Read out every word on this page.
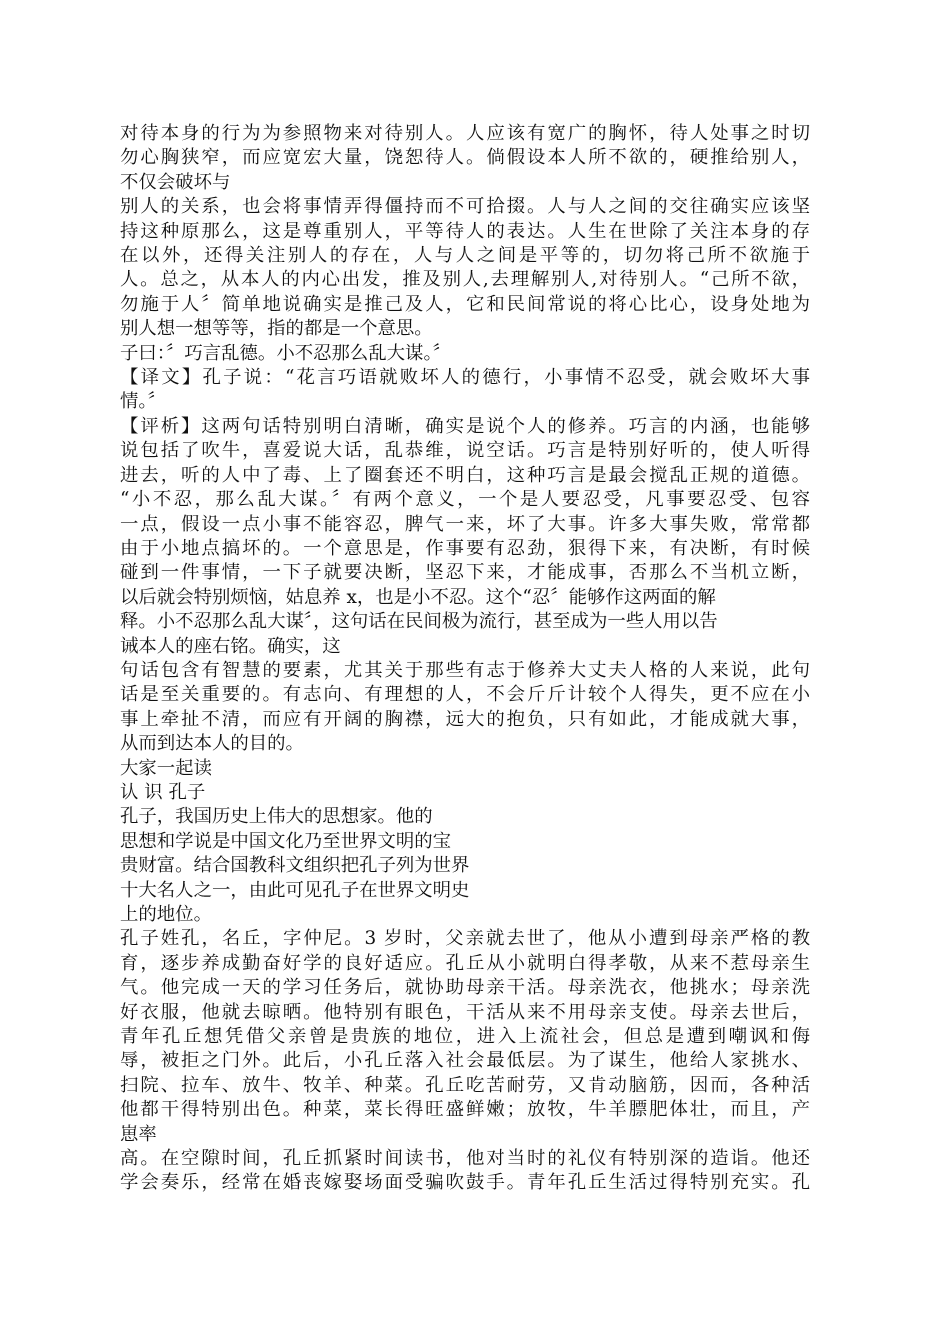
对待本身的行为为参照物来对待别人。人应该有宽广的胸怀，待人处事之时切
勿心胸狭窄，而应宽宏大量，饶恕待人。倘假设本人所不欲的，硬推给别人，
不仅会破坏与
别人的关系，也会将事情弄得僵持而不可拾掇。人与人之间的交往确实应该坚
持这种原那么，这是尊重别人，平等待人的表达。人生在世除了关注本身的存
在以外，还得关注别人的存在，人与人之间是平等的，切勿将己所不欲施于
人。总之，从本人的内心出发，推及别人,去理解别人,对待别人。“己所不欲，
勿施于人〞简单地说确实是推己及人，它和民间常说的将心比心，设身处地为
别人想一想等等，指的都是一个意思。
子曰：〞巧言乱德。小不忍那么乱大谋。〞
【译文】孔子说：“花言巧语就败坏人的德行，小事情不忍受，就会败坏大事
情。〞
【评析】这两句话特别明白清晰，确实是说个人的修养。巧言的内涵，也能够
说包括了吹牛，喜爱说大话，乱恭维，说空话。巧言是特别好听的，使人听得
进去，听的人中了毒、上了圈套还不明白，这种巧言是最会搅乱正规的道德。
“小不忍，那么乱大谋。〞有两个意义，一个是人要忍受，凡事要忍受、包容
一点，假设一点小事不能容忍，脾气一来，坏了大事。许多大事失败，常常都
由于小地点搞坏的。一个意思是，作事要有忍劲，狠得下来，有决断，有时候
碰到一件事情，一下子就要决断，坚忍下来，才能成事，否那么不当机立断，
以后就会特别烦恼，姑息养 x，也是小不忍。这个“忍〞能够作这两面的解
释。小不忍那么乱大谋〞，这句话在民间极为流行，甚至成为一些人用以告
诫本人的座右铭。确实，这
句话包含有智慧的要素，尤其关于那些有志于修养大丈夫人格的人来说，此句
话是至关重要的。有志向、有理想的人，不会斤斤计较个人得失，更不应在小
事上牵扯不清，而应有开阔的胸襟，远大的抱负，只有如此，才能成就大事，
从而到达本人的目的。
大家一起读
认 识 孔子
孔子，我国历史上伟大的思想家。他的
思想和学说是中国文化乃至世界文明的宝
贵财富。结合国教科文组织把孔子列为世界
十大名人之一，由此可见孔子在世界文明史
上的地位。
孔子姓孔，名丘，字仲尼。3 岁时，父亲就去世了，他从小遭到母亲严格的教
育，逐步养成勤奋好学的良好适应。孔丘从小就明白得孝敬，从来不惹母亲生
气。他完成一天的学习任务后，就协助母亲干活。母亲洗衣，他挑水；母亲洗
好衣服，他就去晾晒。他特别有眼色，干活从来不用母亲支使。母亲去世后，
青年孔丘想凭借父亲曾是贵族的地位，进入上流社会，但总是遭到嘲讽和侮
辱，被拒之门外。此后，小孔丘落入社会最低层。为了谋生，他给人家挑水、
扫院、拉车、放牛、牧羊、种菜。孔丘吃苦耐劳，又肯动脑筋，因而，各种活
他都干得特别出色。种菜，菜长得旺盛鲜嫩；放牧，牛羊膘肥体壮，而且，产
崽率
高。在空隙时间，孔丘抓紧时间读书，他对当时的礼仪有特别深的造诣。他还
学会奏乐，经常在婚丧嫁娶场面受骗吹鼓手。青年孔丘生活过得特别充实。孔
